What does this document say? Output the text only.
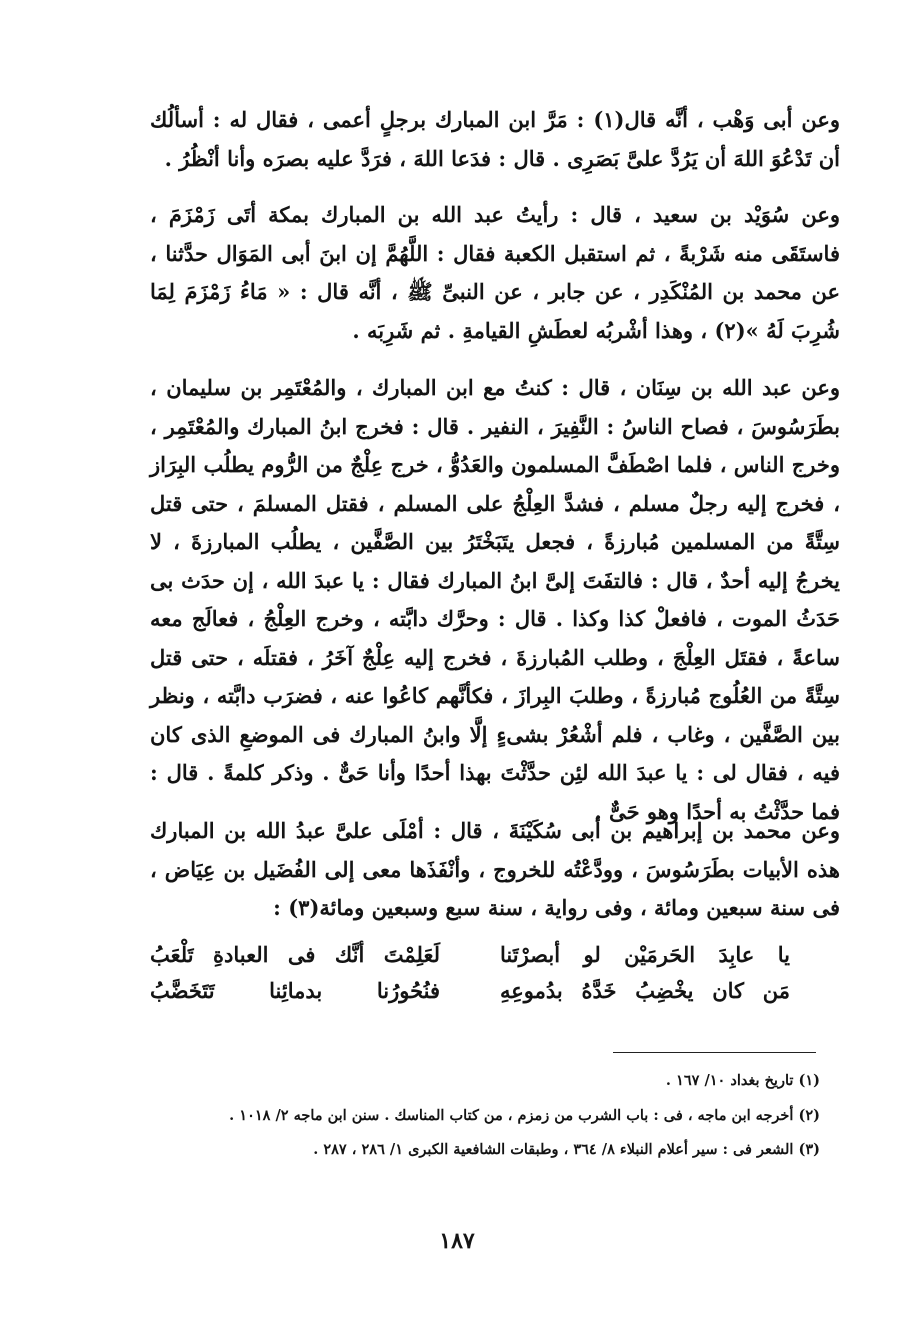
وعن أبى وَهْب ، أنَّه قال(١) : مَرَّ ابن المبارك برجلٍ أعمى ، فقال له : أسألُك أن تَدْعُوَ اللهَ أن يَرُدَّ علىَّ بَصَرِى . قال : فدَعا اللهَ ، فرَدَّ عليه بصرَه وأنا أنْظُرُ .

وعن سُوَيْد بن سعيد ، قال : رأيتُ عبد الله بن المبارك بمكة أتَى زَمْزَمَ ، فاستَقَى منه شَرْبةً ، ثم استقبل الكعبة فقال : اللَّهُمَّ إن ابنَ أبى المَوَال حدَّثنا ، عن محمد بن المُنْكَدِر ، عن جابر ، عن النبىِّ ﷺ ، أنَّه قال : « مَاءُ زَمْزَمَ لِمَا شُرِبَ لَهُ »(٢) ، وهذا أشْربُه لعطَشِ القيامةِ . ثم شَرِبَه .

وعن عبد الله بن سِنَان ، قال : كنتُ مع ابن المبارك ، والمُعْتَمِر بن سليمان ، بطَرَسُوسَ ، فصاح الناسُ : النَّفِيرَ ، النفير . قال : فخرج ابنُ المبارك والمُعْتَمِر ، وخرج الناس ، فلما اصْطَفَّ المسلمون والعَدُوُّ ، خرج عِلْجٌ من الرُّوم يطلُب البِرَاز ، فخرج إليه رجلٌ مسلم ، فشدَّ العِلْجُ على المسلم ، فقتل المسلمَ ، حتى قتل سِتَّةً من المسلمين مُبارزةً ، فجعل يتَبَخْتَرُ بين الصَّفَّين ، يطلُب المبارزةَ ، لا يخرجُ إليه أحدٌ ، قال : فالتفَتَ إلىَّ ابنُ المبارك فقال : يا عبدَ الله ، إن حدَث بى حَدَثُ الموت ، فافعلْ كذا وكذا . قال : وحرَّك دابَّته ، وخرج العِلْجُ ، فعالَج معه ساعةً ، فقتَل العِلْجَ ، وطلب المُبارزةَ ، فخرج إليه عِلْجٌ آخَرُ ، فقتلَه ، حتى قتل سِتَّةً من العُلُوج مُبارزةً ، وطلبَ البِرازَ ، فكأنَّهم كاعُوا عنه ، فضرَب دابَّته ، ونظر بين الصَّفَّين ، وغاب ، فلم أشْعُرْ بشىءٍ إلَّا وابنُ المبارك فى الموضعِ الذى كان فيه ، فقال لى : يا عبدَ الله لئِن حدَّثْتَ بهذا أحدًا وأنا حَىٌّ . وذكر كلمةً . قال : فما حدَّثْتُ به أحدًا وهو حَىٌّ .

وعن محمد بن إبراهيم بن أبى سُكَيْنَةَ ، قال : أمْلَى علىَّ عبدُ الله بن المبارك هذه الأبيات بطَرَسُوسَ ، وودَّعْتُه للخروج ، وأنْفَذَها معى إلى الفُضَيل بن عِيَاض ، فى سنة سبعين ومائة ، وفى رواية ، سنة سبع وسبعين ومائة(٣) :

يا عابِدَ الحَرمَيْن لو أبصرْتَنا
لَعَلِمْتَ أنَّك فى العبادةِ تَلْعَبُ
مَن كان يخْضِبُ خَدَّهُ بدُموعِهِ
فنُحُورُنا بدمائِنا تَتَخَضَّبُ

(١) تاريخ بغداد ١٠/ ١٦٧ .

(٢) أخرجه ابن ماجه ، فى : باب الشرب من زمزم ، من كتاب المناسك . سنن ابن ماجه ٢/ ١٠١٨ .

(٣) الشعر فى : سير أعلام النبلاء ٨/ ٣٦٤ ، وطبقات الشافعية الكبرى ١/ ٢٨٦ ، ٢٨٧ .

١٨٧
